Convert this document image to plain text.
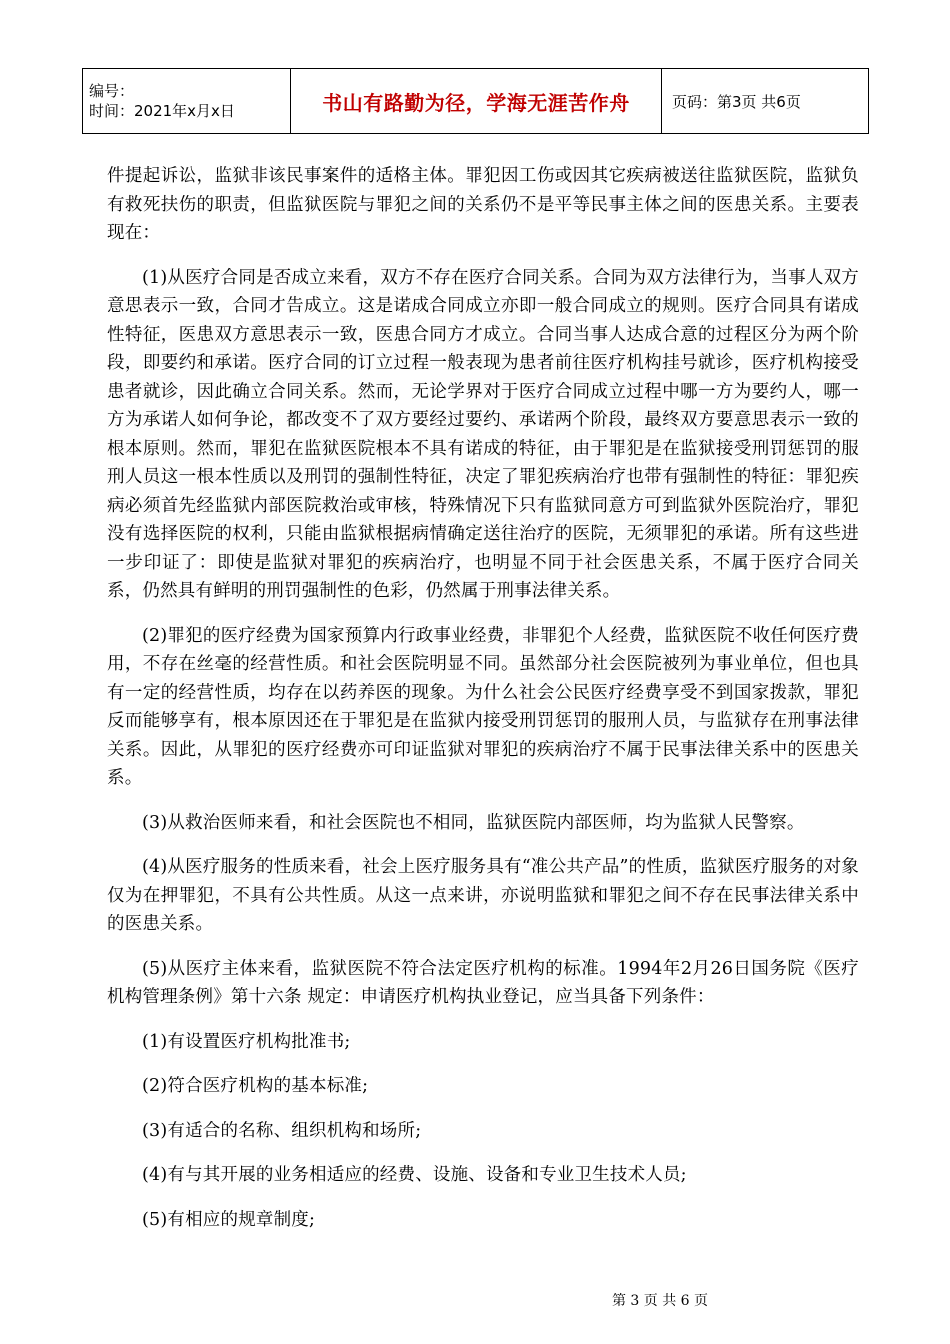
编号：
时间：2021年x月x日	书山有路勤为径，学海无涯苦作舟	页码：第3页 共6页

件提起诉讼，监狱非该民事案件的适格主体。罪犯因工伤或因其它疾病被送往监狱医院，监狱负有救死扶伤的职责，但监狱医院与罪犯之间的关系仍不是平等民事主体之间的医患关系。主要表现在：

(1)从医疗合同是否成立来看，双方不存在医疗合同关系。合同为双方法律行为，当事人双方意思表示一致，合同才告成立。这是诺成合同成立亦即一般合同成立的规则。医疗合同具有诺成性特征，医患双方意思表示一致，医患合同方才成立。合同当事人达成合意的过程区分为两个阶段，即要约和承诺。医疗合同的订立过程一般表现为患者前往医疗机构挂号就诊，医疗机构接受患者就诊，因此确立合同关系。然而，无论学界对于医疗合同成立过程中哪一方为要约人，哪一方为承诺人如何争论，都改变不了双方要经过要约、承诺两个阶段，最终双方要意思表示一致的根本原则。然而，罪犯在监狱医院根本不具有诺成的特征，由于罪犯是在监狱接受刑罚惩罚的服刑人员这一根本性质以及刑罚的强制性特征，决定了罪犯疾病治疗也带有强制性的特征：罪犯疾病必须首先经监狱内部医院救治或审核，特殊情况下只有监狱同意方可到监狱外医院治疗，罪犯没有选择医院的权利，只能由监狱根据病情确定送往治疗的医院，无须罪犯的承诺。所有这些进一步印证了：即使是监狱对罪犯的疾病治疗，也明显不同于社会医患关系，不属于医疗合同关系，仍然具有鲜明的刑罚强制性的色彩，仍然属于刑事法律关系。

(2)罪犯的医疗经费为国家预算内行政事业经费，非罪犯个人经费，监狱医院不收任何医疗费用，不存在丝毫的经营性质。和社会医院明显不同。虽然部分社会医院被列为事业单位，但也具有一定的经营性质，均存在以药养医的现象。为什么社会公民医疗经费享受不到国家拨款，罪犯反而能够享有，根本原因还在于罪犯是在监狱内接受刑罚惩罚的服刑人员，与监狱存在刑事法律关系。因此，从罪犯的医疗经费亦可印证监狱对罪犯的疾病治疗不属于民事法律关系中的医患关系。

(3)从救治医师来看，和社会医院也不相同，监狱医院内部医师，均为监狱人民警察。

(4)从医疗服务的性质来看，社会上医疗服务具有“准公共产品”的性质，监狱医疗服务的对象仅为在押罪犯，不具有公共性质。从这一点来讲，亦说明监狱和罪犯之间不存在民事法律关系中的医患关系。

(5)从医疗主体来看，监狱医院不符合法定医疗机构的标准。1994年2月26日国务院《医疗机构管理条例》第十六条 规定：申请医疗机构执业登记，应当具备下列条件：

(1)有设置医疗机构批准书;

(2)符合医疗机构的基本标准;

(3)有适合的名称、组织机构和场所;

(4)有与其开展的业务相适应的经费、设施、设备和专业卫生技术人员;

(5)有相应的规章制度;

第 3 页 共 6 页
